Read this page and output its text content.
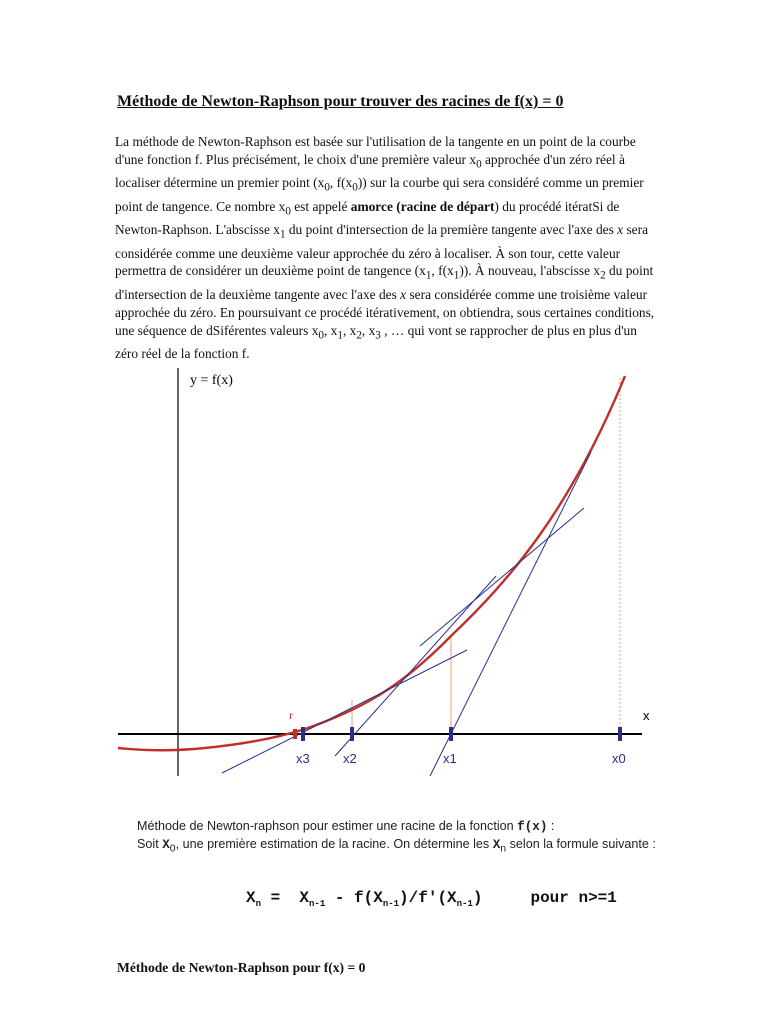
Méthode de Newton-Raphson pour trouver des racines de f(x) = 0

La méthode de Newton-Raphson est basée sur l'utilisation de la tangente en un point de la courbe d'une fonction f. Plus précisément, le choix d'une première valeur $x_0$ approchée d'un zéro réel à localiser détermine un premier point ($x_0$, $f(x_0)$) sur la courbe qui sera considéré comme un premier point de tangence. Ce nombre $x_0$ est appelé amorce (racine de départ) du procédé itératSi de Newton-Raphson. L'abscisse $x_1$ du point d'intersection de la première tangente avec l'axe des x sera considérée comme une deuxième valeur approchée du zéro à localiser. À son tour, cette valeur permettra de considérer un deuxième point de tangence ($x_1$, $f(x_1)$). À nouveau, l'abscisse $x_2$ du point d'intersection de la deuxième tangente avec l'axe des x sera considérée comme une troisième valeur approchée du zéro. En poursuivant ce procédé itérativement, on obtiendra, sous certaines conditions, une séquence de dSiférentes valeurs $x_0$, $x_1$, $x_2$, $x_3$ , … qui vont se rapprocher de plus en plus d'un zéro réel de la fonction f.

y = f(x)
x
r
x3	x2	x1	x0
Méthode de Newton-raphson pour estimer une racine de la fonction f(x) :
Soit $X_0$, une première estimation de la racine. On détermine les $X_n$ selon la formule suivante :
$X_n = X_{n-1} - f(X_{n-1})/f'(X_{n-1})$     pour n>=1
Méthode de Newton-Raphson pour f(x) = 0
